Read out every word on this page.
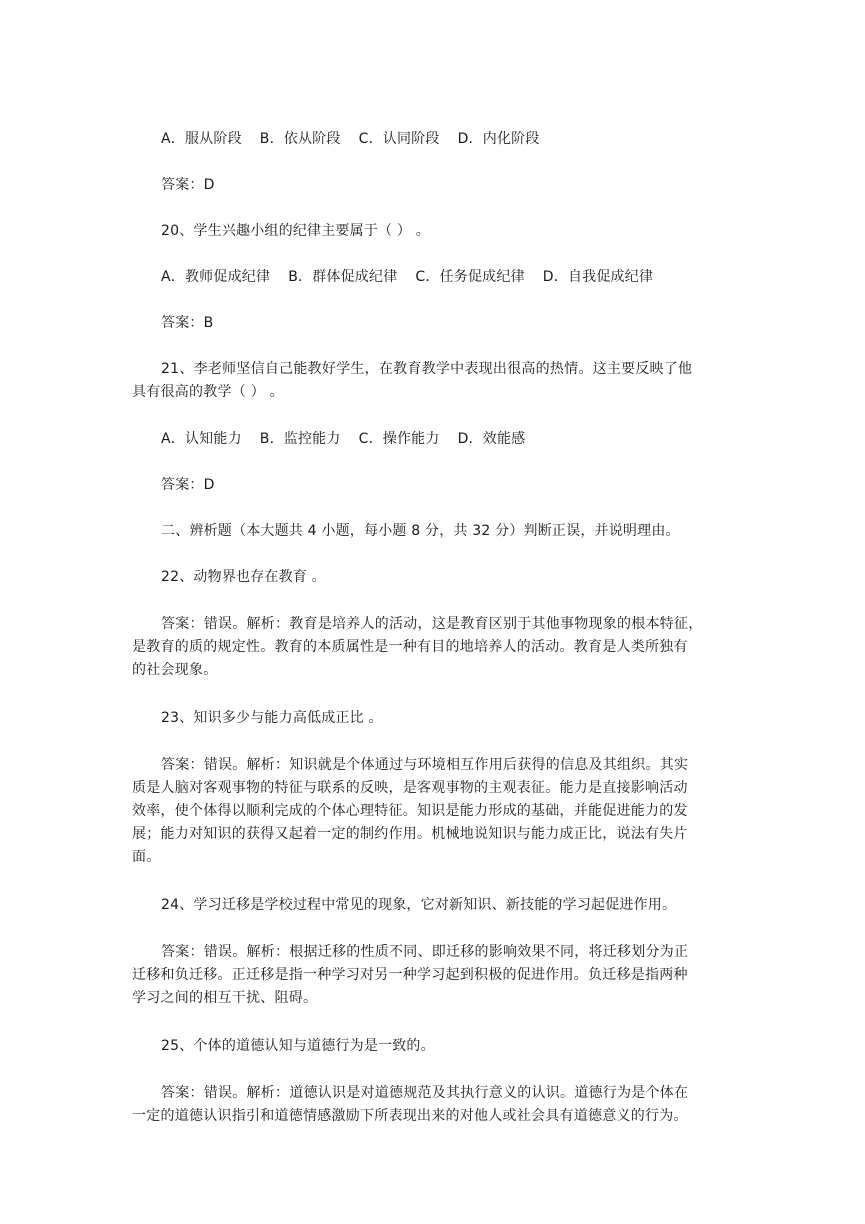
A．服从阶段 B．依从阶段 C．认同阶段 D．内化阶段

答案：D

20、学生兴趣小组的纪律主要属于（ ） 。

A．教师促成纪律 B．群体促成纪律 C．任务促成纪律 D．自我促成纪律

答案：B

21、李老师坚信自己能教好学生，在教育教学中表现出很高的热情。这主要反映了他
具有很高的教学（ ） 。

A．认知能力 B．监控能力 C．操作能力 D．效能感

答案：D

二、辨析题（本大题共 4 小题，每小题 8 分，共 32 分）判断正误，并说明理由。

22、动物界也存在教育 。

答案：错误。解析：教育是培养人的活动，这是教育区别于其他事物现象的根本特征，
是教育的质的规定性。教育的本质属性是一种有目的地培养人的活动。教育是人类所独有
的社会现象。

23、知识多少与能力高低成正比 。

答案：错误。解析：知识就是个体通过与环境相互作用后获得的信息及其组织。其实
质是人脑对客观事物的特征与联系的反映，是客观事物的主观表征。能力是直接影响活动
效率，使个体得以顺利完成的个体心理特征。知识是能力形成的基础，并能促进能力的发
展；能力对知识的获得又起着一定的制约作用。机械地说知识与能力成正比，说法有失片
面。

24、学习迁移是学校过程中常见的现象，它对新知识、新技能的学习起促进作用。

答案：错误。解析：根据迁移的性质不同、即迁移的影响效果不同，将迁移划分为正
迁移和负迁移。正迁移是指一种学习对另一种学习起到积极的促进作用。负迁移是指两种
学习之间的相互干扰、阻碍。

25、个体的道德认知与道德行为是一致的。

答案：错误。解析：道德认识是对道德规范及其执行意义的认识。道德行为是个体在
一定的道德认识指引和道德情感激励下所表现出来的对他人或社会具有道德意义的行为。
